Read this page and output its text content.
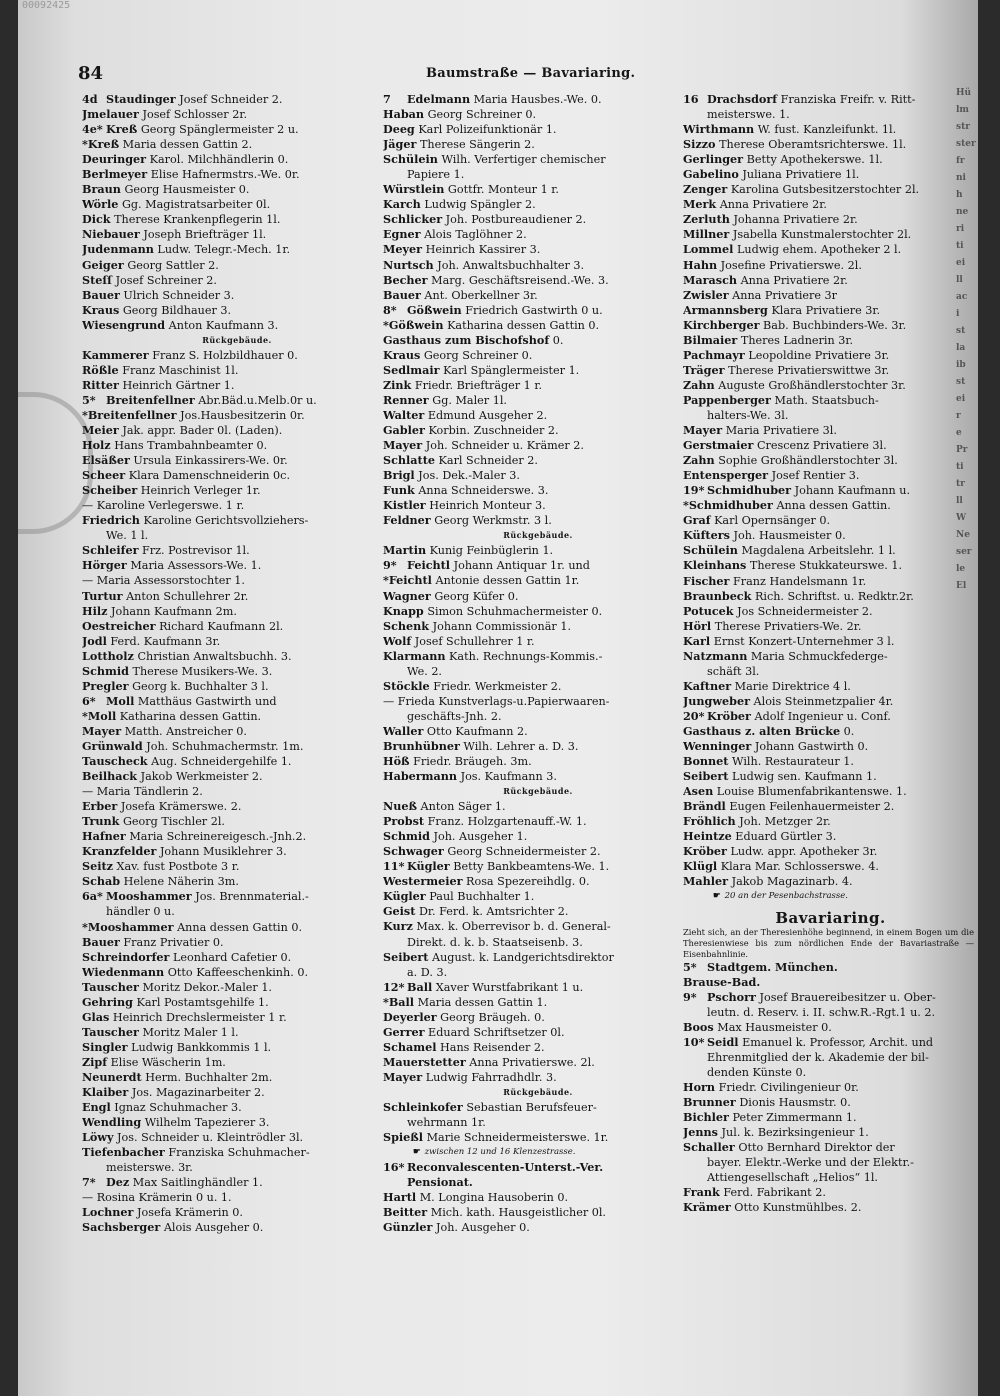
00092425
84	Baumstraße — Bavariaring.
4d Staudinger Josef Schneider 2.
Jmelauer Josef Schlosser 2r.
4e* Kreß Georg Spänglermeister 2 u.
*Kreß Maria dessen Gattin 2.
Deuringer Karol. Milchhändlerin 0.
Berlmeyer Elise Hafnermstrs.-We. 0r.
Braun Georg Hausmeister 0.
Wörle Gg. Magistratsarbeiter 0l.
Dick Therese Krankenpflegerin 1l.
Niebauer Joseph Briefträger 1l.
Judenmann Ludw. Telegr.-Mech. 1r.
Geiger Georg Sattler 2.
Steſſ Josef Schreiner 2.
Bauer Ulrich Schneider 3.
Kraus Georg Bildhauer 3.
Wiesengrund Anton Kaufmann 3.
Rückgebäude.
Kammerer Franz S. Holzbildhauer 0.
Rößle Franz Maschinist 1l.
Ritter Heinrich Gärtner 1.
5* Breitenfellner Abr.Bäd.u.Melb.0r u.
*Breitenfellner Jos.Hausbesitzerin 0r.
Meier Jak. appr. Bader 0l. (Laden).
Holz Hans Trambahnbeamter 0.
Elsäßer Ursula Einkassirers-We. 0r.
Scheer Klara Damenschneiderin 0c.
Scheiber Heinrich Verleger 1r.
— Karoline Verlegerswe. 1 r.
Friedrich Karoline Gerichtsvollziehers-
We. 1 l.
Schleifer Frz. Postrevisor 1l.
Hörger Maria Assessors-We. 1.
— Maria Assessorstochter 1.
Turtur Anton Schullehrer 2r.
Hilz Johann Kaufmann 2m.
Oestreicher Richard Kaufmann 2l.
Jodl Ferd. Kaufmann 3r.
Lottholz Christian Anwaltsbuchh. 3.
Schmid Therese Musikers-We. 3.
Pregler Georg k. Buchhalter 3 l.
6* Moll Matthäus Gastwirth und
*Moll Katharina dessen Gattin.
Mayer Matth. Anstreicher 0.
Grünwald Joh. Schuhmachermstr. 1m.
Tauscheck Aug. Schneidergehilfe 1.
Beilhack Jakob Werkmeister 2.
— Maria Tändlerin 2.
Erber Josefa Krämerswe. 2.
Trunk Georg Tischler 2l.
Hafner Maria Schreinereigesch.-Jnh.2.
Kranzfelder Johann Musiklehrer 3.
Seitz Xav. fust Postbote 3 r.
Schab Helene Näherin 3m.
6a* Mooshammer Jos. Brennmaterial.-
händler 0 u.
*Mooshammer Anna dessen Gattin 0.
Bauer Franz Privatier 0.
Schreindorfer Leonhard Cafetier 0.
Wiedenmann Otto Kaffeeschenkinh. 0.
Tauscher Moritz Dekor.-Maler 1.
Gehring Karl Postamtsgehilfe 1.
Glas Heinrich Drechslermeister 1 r.
Tauscher Moritz Maler 1 l.
Singler Ludwig Bankkommis 1 l.
Zipf Elise Wäscherin 1m.
Neunerdt Herm. Buchhalter 2m.
Klaiber Jos. Magazinarbeiter 2.
Engl Ignaz Schuhmacher 3.
Wendling Wilhelm Tapezierer 3.
Löwy Jos. Schneider u. Kleintrödler 3l.
Tiefenbacher Franziska Schuhmacher-
meisterswe. 3r.
7* Dez Max Saitlinghändler 1.
— Rosina Krämerin 0 u. 1.
Lochner Josefa Krämerin 0.
Sachsberger Alois Ausgeher 0.
7 Edelmann Maria Hausbes.-We. 0.
Haban Georg Schreiner 0.
Deeg Karl Polizeifunktionär 1.
Jäger Therese Sängerin 2.
Schülein Wilh. Verfertiger chemischer
Papiere 1.
Würstlein Gottfr. Monteur 1 r.
Karch Ludwig Spängler 2.
Schlicker Joh. Postbureaudiener 2.
Egner Alois Taglöhner 2.
Meyer Heinrich Kassirer 3.
Nurtsch Joh. Anwaltsbuchhalter 3.
Becher Marg. Geschäftsreisend.-We. 3.
Bauer Ant. Oberkellner 3r.
8* Gößwein Friedrich Gastwirth 0 u.
*Gößwein Katharina dessen Gattin 0.
Gasthaus zum Bischofshof 0.
Kraus Georg Schreiner 0.
Sedlmair Karl Spänglermeister 1.
Zink Friedr. Briefträger 1 r.
Renner Gg. Maler 1l.
Walter Edmund Ausgeher 2.
Gabler Korbin. Zuschneider 2.
Mayer Joh. Schneider u. Krämer 2.
Schlatte Karl Schneider 2.
Brigl Jos. Dek.-Maler 3.
Funk Anna Schneiderswe. 3.
Kistler Heinrich Monteur 3.
Feldner Georg Werkmstr. 3 l.
Rückgebäude.
Martin Kunig Feinbüglerin 1.
9* Feichtl Johann Antiquar 1r. und
*Feichtl Antonie dessen Gattin 1r.
Wagner Georg Küfer 0.
Knapp Simon Schuhmachermeister 0.
Schenk Johann Commissionär 1.
Wolf Josef Schullehrer 1 r.
Klarmann Kath. Rechnungs-Kommis.-
We. 2.
Stöckle Friedr. Werkmeister 2.
— Frieda Kunstverlags-u.Papierwaaren-
geschäfts-Jnh. 2.
Waller Otto Kaufmann 2.
Brunhübner Wilh. Lehrer a. D. 3.
Höß Friedr. Bräugeh. 3m.
Habermann Jos. Kaufmann 3.
Rückgebäude.
Nueß Anton Säger 1.
Probst Franz. Holzgartenauff.-W. 1.
Schmid Joh. Ausgeher 1.
Schwager Georg Schneidermeister 2.
11* Kügler Betty Bankbeamtens-We. 1.
Westermeier Rosa Spezereihdlg. 0.
Kügler Paul Buchhalter 1.
Geist Dr. Ferd. k. Amtsrichter 2.
Kurz Max. k. Oberrevisor b. d. General-
Direkt. d. k. b. Staatseisenb. 3.
Seibert August. k. Landgerichtsdirektor
a. D. 3.
12* Ball Xaver Wurstfabrikant 1 u.
*Ball Maria dessen Gattin 1.
Deyerler Georg Bräugeh. 0.
Gerrer Eduard Schriftsetzer 0l.
Schamel Hans Reisender 2.
Mauerstetter Anna Privatierswe. 2l.
Mayer Ludwig Fahrradhdlr. 3.
Rückgebäude.
Schleinkofer Sebastian Berufsfeuer-
wehrmann 1r.
Spießl Marie Schneidermeisterswe. 1r.
☛ zwischen 12 und 16 Klenzestrasse.
16* Reconvalescenten-Unterst.-Ver.
Pensionat.
Hartl M. Longina Hausoberin 0.
Beitter Mich. kath. Hausgeistlicher 0l.
Günzler Joh. Ausgeher 0.
16 Drachsdorf Franziska Freifr. v. Ritt-
meisterswe. 1.
Wirthmann W. fust. Kanzleifunkt. 1l.
Sizzo Therese Oberamtsrichterswe. 1l.
Gerlinger Betty Apothekerswe. 1l.
Gabelino Juliana Privatiere 1l.
Zenger Karolina Gutsbesitzerstochter 2l.
Merk Anna Privatiere 2r.
Zerluth Johanna Privatiere 2r.
Millner Jsabella Kunstmalerstochter 2l.
Lommel Ludwig ehem. Apotheker 2 l.
Hahn Josefine Privatierswe. 2l.
Marasch Anna Privatiere 2r.
Zwisler Anna Privatiere 3r
Armannsberg Klara Privatiere 3r.
Kirchberger Bab. Buchbinders-We. 3r.
Bilmaier Theres Ladnerin 3r.
Pachmayr Leopoldine Privatiere 3r.
Träger Therese Privatierswittwe 3r.
Zahn Auguste Großhändlerstochter 3r.
Pappenberger Math. Staatsbuch-
halters-We. 3l.
Mayer Maria Privatiere 3l.
Gerstmaier Crescenz Privatiere 3l.
Zahn Sophie Großhändlerstochter 3l.
Entensperger Josef Rentier 3.
19* Schmidhuber Johann Kaufmann u.
*Schmidhuber Anna dessen Gattin.
Graf Karl Opernsänger 0.
Küfters Joh. Hausmeister 0.
Schülein Magdalena Arbeitslehr. 1 l.
Kleinhans Therese Stukkateurswe. 1.
Fischer Franz Handelsmann 1r.
Braunbeck Rich. Schriftst. u. Redktr.2r.
Potucek Jos Schneidermeister 2.
Hörl Therese Privatiers-We. 2r.
Karl Ernst Konzert-Unternehmer 3 l.
Natzmann Maria Schmuckfederge-
schäft 3l.
Kaftner Marie Direktrice 4 l.
Jungweber Alois Steinmetzpalier 4r.
20* Kröber Adolf Ingenieur u. Conf.
Gasthaus z. alten Brücke 0.
Wenninger Johann Gastwirth 0.
Bonnet Wilh. Restaurateur 1.
Seibert Ludwig sen. Kaufmann 1.
Asen Louise Blumenfabrikantenswe. 1.
Brändl Eugen Feilenhauermeister 2.
Fröhlich Joh. Metzger 2r.
Heintze Eduard Gürtler 3.
Kröber Ludw. appr. Apotheker 3r.
Klügl Klara Mar. Schlosserswe. 4.
Mahler Jakob Magazinarb. 4.
☛ 20 an der Pesenbachstrasse.
Bavariaring.
Zieht sich, an der Theresienhöhe beginnend, in einem Bogen um die Theresienwiese bis zum nördlichen Ende der Bavariastraße — Eisenbahnlinie.
5* Stadtgem. München.
Brause-Bad.
9* Pschorr Josef Brauereibesitzer u. Ober-
leutn. d. Reserv. i. II. schw.R.-Rgt.1 u. 2.
Boos Max Hausmeister 0.
10* Seidl Emanuel k. Professor, Archit. und
Ehrenmitglied der k. Akademie der bil-
denden Künste 0.
Horn Friedr. Civilingenieur 0r.
Brunner Dionis Hausmstr. 0.
Bichler Peter Zimmermann 1.
Jenns Jul. k. Bezirksingenieur 1.
Schaller Otto Bernhard Direktor der
bayer. Elektr.-Werke und der Elektr.-
Attiengesellschaft „Helios“ 1l.
Frank Ferd. Fabrikant 2.
Krämer Otto Kunstmühlbes. 2.
Hü
lm
str
ster
fr
ni
h
ne
ri
ti
ei
ll
ac
i
st
la
ib
st
ei
r
e
Pr
ti
tr
ll
W
Ne
ser
le
El
